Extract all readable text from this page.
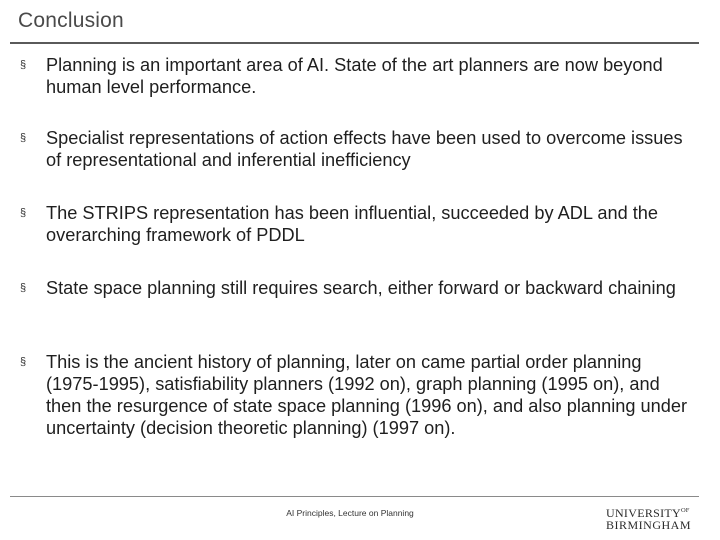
Conclusion
§	Planning is an important area of AI. State of the art planners are now beyond human level performance.
§	Specialist representations of action effects have been used to overcome issues of representational and inferential inefficiency
§	The STRIPS representation has been influential, succeeded by ADL and the overarching framework of PDDL
§	State space planning still requires search, either forward or backward chaining
§	This is the ancient history of planning, later on came partial order planning (1975-1995), satisfiability planners (1992 on), graph planning (1995 on), and then the resurgence of state space planning (1996 on), and also planning under uncertainty (decision theoretic planning) (1997 on).
AI Principles, Lecture on Planning	$UNIVERSITY^{OF}$
BIRMINGHAM
